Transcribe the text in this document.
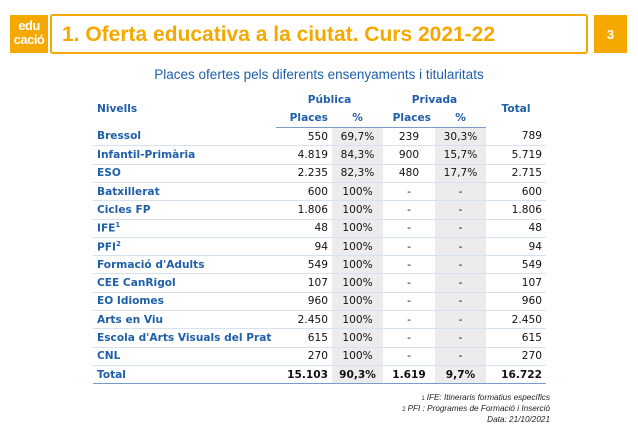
edu
cació 1. Oferta educativa a la ciutat. Curs 2021-22	3
Places ofertes pels diferents ensenyaments i titularitats
Nivells	Pública		Privada		Total
	Places	%	Places	%	
Bressol	550	69,7%	239	30,3%	789
Infantil-Primària	4.819	84,3%	900	15,7%	5.719
ESO	2.235	82,3%	480	17,7%	2.715
Batxillerat	600	100%	-	-	600
Cicles FP	1.806	100%	-	-	1.806
IFE$^1$	48	100%	-	-	48
PFI$^2$	94	100%	-	-	94
Formació d'Adults	549	100%	-	-	549
CEE CanRigol	107	100%	-	-	107
EO Idiomes	960	100%	-	-	960
Arts en Viu	2.450	100%	-	-	2.450
Escola d'Arts Visuals del Prat	615	100%	-	-	615
CNL	270	100%	-	-	270
Total	15.103	90,3%	1.619	9,7%	16.722
1 IFE: Itineraris formatius específics
2 PFI : Programes de Formació i Inserció
Data: 21/10/2021
